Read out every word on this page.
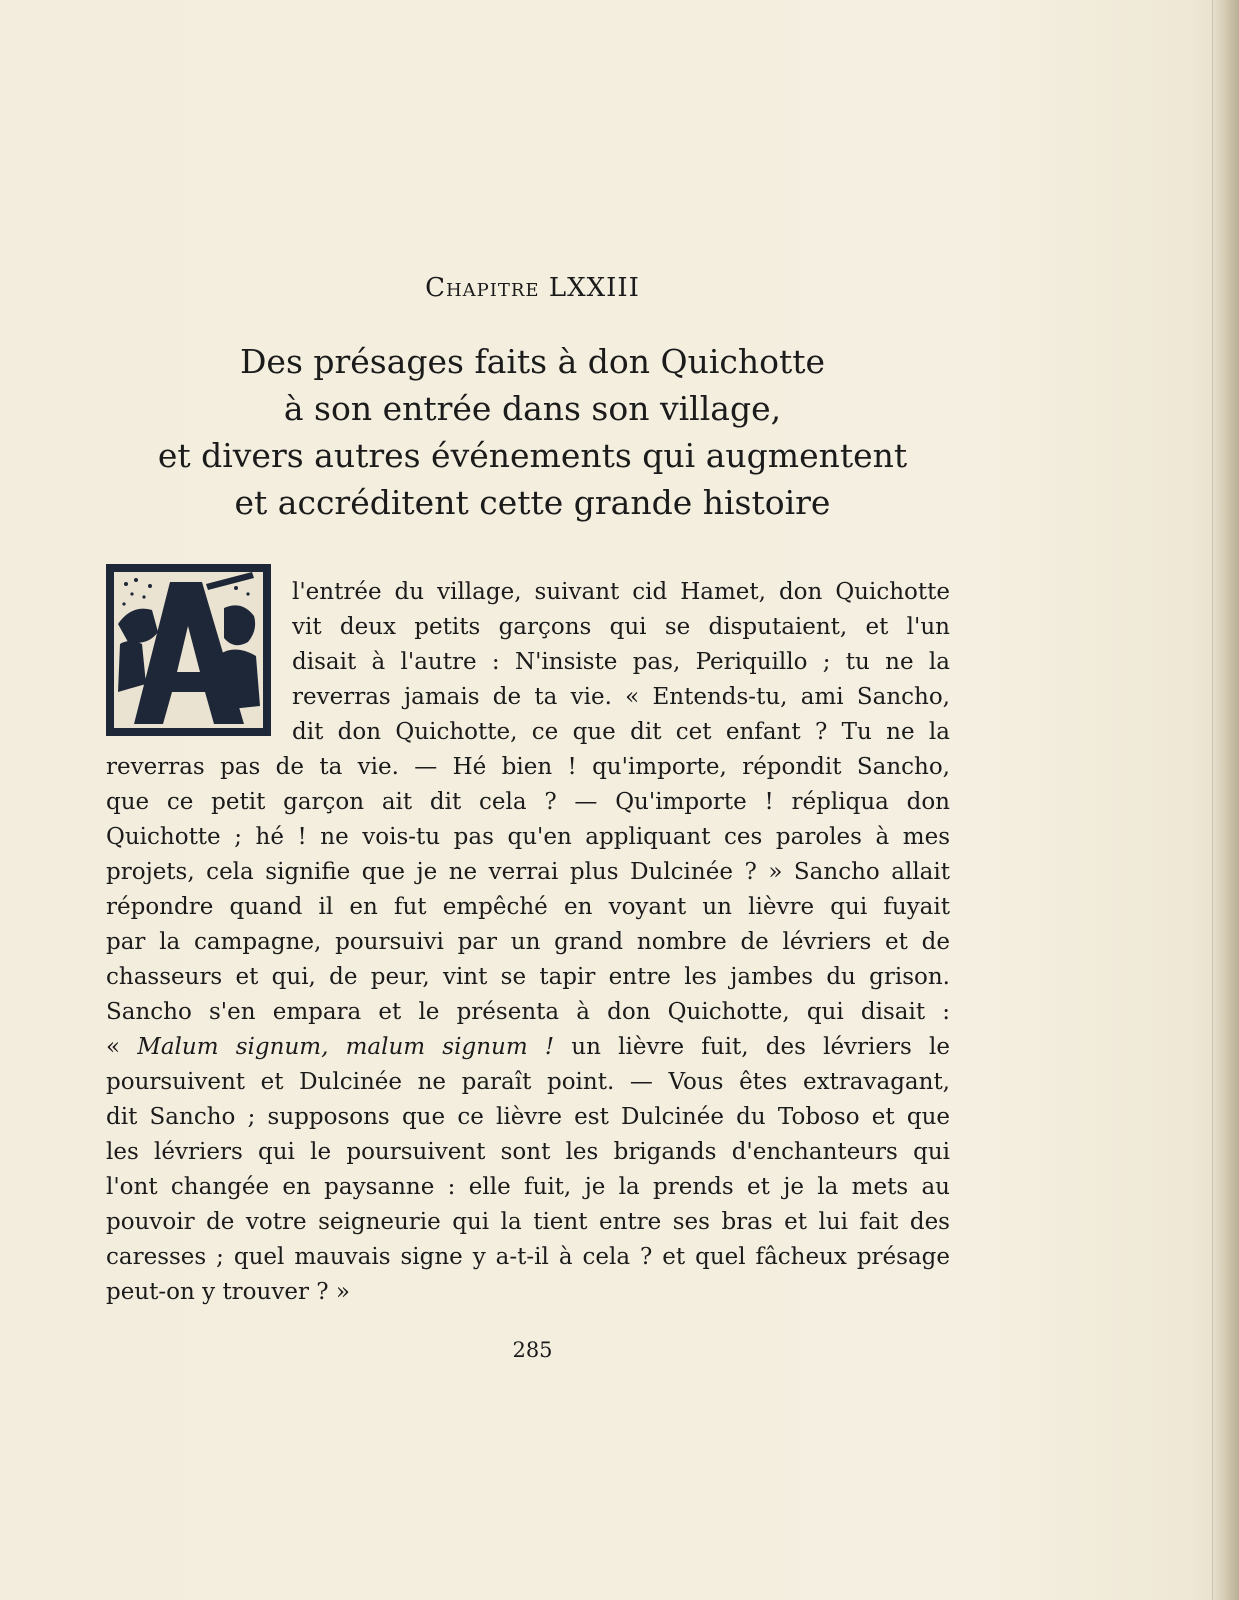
Chapitre LXXIII
Des présages faits à don Quichotte
à son entrée dans son village,
et divers autres événements qui augmentent
et accréditent cette grande histoire
l'entrée du village, suivant cid Hamet, don Quichotte
vit deux petits garçons qui se disputaient, et l'un
disait à l'autre : N'insiste pas, Periquillo ; tu ne la
reverras jamais de ta vie. « Entends-tu, ami Sancho,
dit don Quichotte, ce que dit cet enfant ? Tu ne la
reverras pas de ta vie. — Hé bien ! qu'importe, répondit Sancho,
que ce petit garçon ait dit cela ? — Qu'importe ! répliqua don
Quichotte ; hé ! ne vois-tu pas qu'en appliquant ces paroles à mes
projets, cela signifie que je ne verrai plus Dulcinée ? » Sancho allait
répondre quand il en fut empêché en voyant un lièvre qui fuyait
par la campagne, poursuivi par un grand nombre de lévriers et de
chasseurs et qui, de peur, vint se tapir entre les jambes du grison.
Sancho s'en empara et le présenta à don Quichotte, qui disait :
« Malum signum, malum signum ! un lièvre fuit, des lévriers le
poursuivent et Dulcinée ne paraît point. — Vous êtes extravagant,
dit Sancho ; supposons que ce lièvre est Dulcinée du Toboso et que
les lévriers qui le poursuivent sont les brigands d'enchanteurs qui
l'ont changée en paysanne : elle fuit, je la prends et je la mets au
pouvoir de votre seigneurie qui la tient entre ses bras et lui fait des
caresses ; quel mauvais signe y a-t-il à cela ? et quel fâcheux présage
peut-on y trouver ? »
285
